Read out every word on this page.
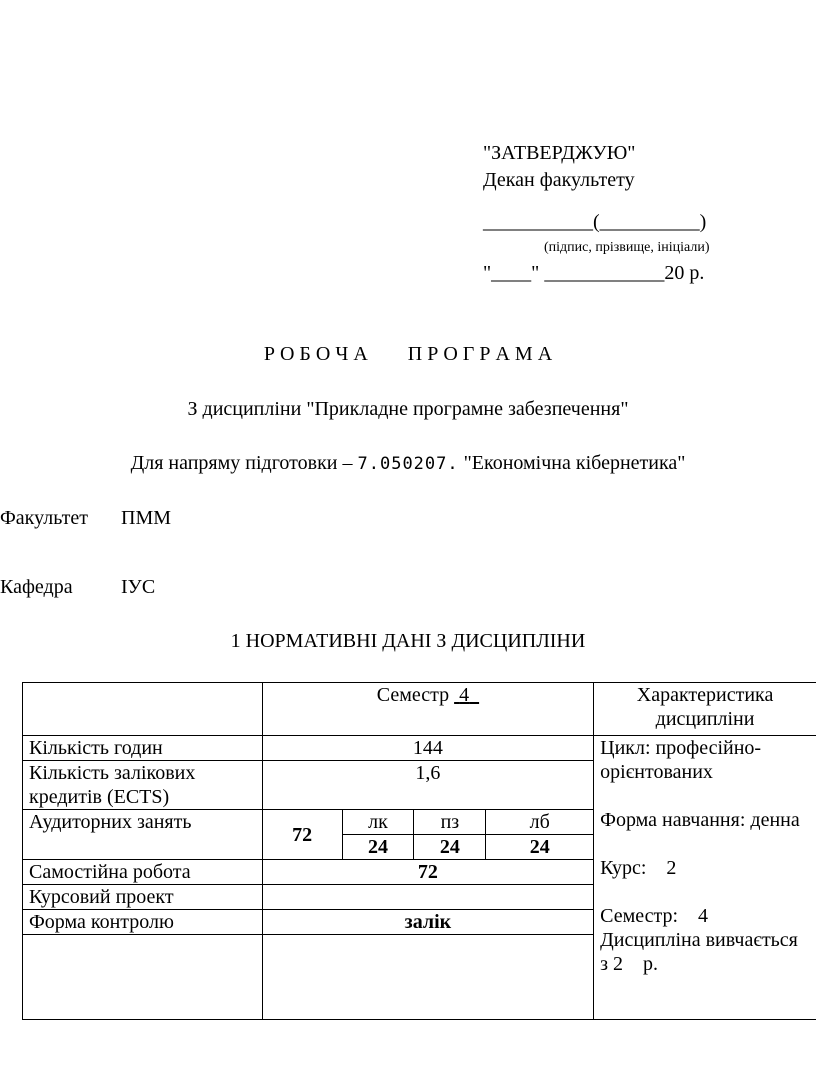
"ЗАТВЕРДЖУЮ"
Декан факультету
___________(__________)
(підпис, прізвище, ініціали)
"____" ____________20 р.
Р О Б О Ч А        П Р О Г Р А М А
З дисципліни "Прикладне програмне забезпечення"
Для напряму підготовки – 7.050207. "Економічна кібернетика"
Факультет ПММ
Кафедра ІУС
1 НОРМАТИВНІ ДАНІ З ДИСЦИПЛІНИ
	Семестр 4				Характеристика дисципліни
Кількість годин	144				Цикл: професійно-орієнтованих

Форма навчання: денна

Курс:    2

Семестр:    4

Дисципліна вивчається з 2    р.

Кількість залікових кредитів (ECTS)	1,6				
Аудиторних занять	72	лк	пз	лб	
		24	24	24	
Самостійна робота	72				
Курсовий проект					
Форма контролю	залік				
